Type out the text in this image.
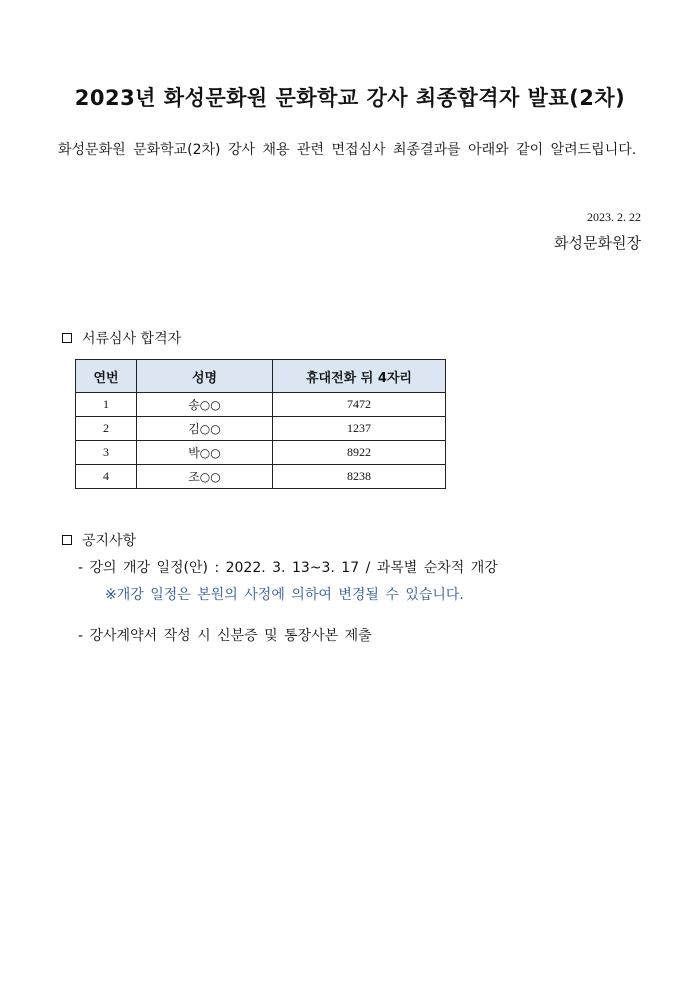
2023년 화성문화원 문화학교 강사 최종합격자 발표(2차)
화성문화원 문화학교(2차) 강사 채용 관련 면접심사 최종결과를 아래와 같이 알려드립니다.
2023. 2. 22
화성문화원장
서류심사 합격자
연번	성명	휴대전화 뒤 4자리
1	송○○	7472
2	김○○	1237
3	박○○	8922
4	조○○	8238
공지사항
- 강의 개강 일정(안) : 2022. 3. 13~3. 17 / 과목별 순차적 개강
※개강 일정은 본원의 사정에 의하여 변경될 수 있습니다.
- 강사계약서 작성 시 신분증 및 통장사본 제출
